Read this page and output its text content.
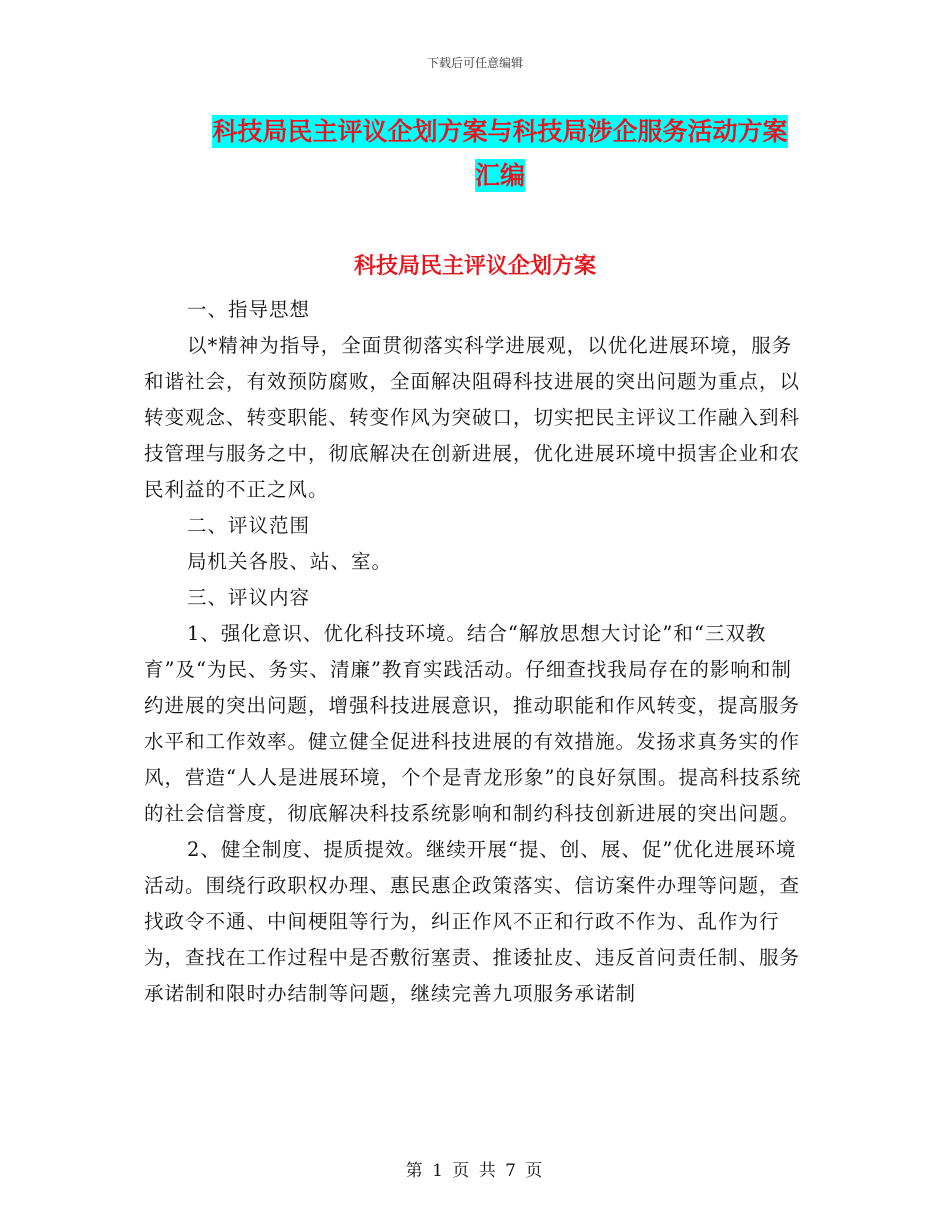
下载后可任意编辑
科技局民主评议企划方案与科技局涉企服务活动方案
汇编
科技局民主评议企划方案

一、指导思想

以*精神为指导，全面贯彻落实科学进展观，以优化进展环境，服务和谐社会，有效预防腐败，全面解决阻碍科技进展的突出问题为重点，以转变观念、转变职能、转变作风为突破口，切实把民主评议工作融入到科技管理与服务之中，彻底解决在创新进展，优化进展环境中损害企业和农民利益的不正之风。

二、评议范围

局机关各股、站、室。

三、评议内容

1、强化意识、优化科技环境。结合“解放思想大讨论”和“三双教育”及“为民、务实、清廉”教育实践活动。仔细查找我局存在的影响和制约进展的突出问题，增强科技进展意识，推动职能和作风转变，提高服务水平和工作效率。健立健全促进科技进展的有效措施。发扬求真务实的作风，营造“人人是进展环境，个个是青龙形象”的良好氛围。提高科技系统的社会信誉度，彻底解决科技系统影响和制约科技创新进展的突出问题。

2、健全制度、提质提效。继续开展“提、创、展、促”优化进展环境活动。围绕行政职权办理、惠民惠企政策落实、信访案件办理等问题，查找政令不通、中间梗阻等行为，纠正作风不正和行政不作为、乱作为行为，查找在工作过程中是否敷衍塞责、推诿扯皮、违反首问责任制、服务承诺制和限时办结制等问题，继续完善九项服务承诺制

第 1 页 共 7 页
